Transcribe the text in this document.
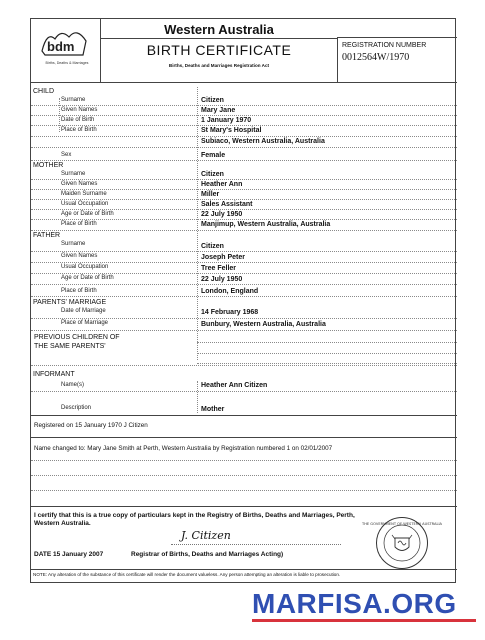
bdm
Births, Deaths & Marriages
Western Australia
BIRTH CERTIFICATE
Births, Deaths and Marriages Registration Act
REGISTRATION NUMBER
0012564W/1970
CHILD
Surname	Citizen
Given Names	Mary Jane
Date of Birth	1 January 1970
Place of Birth	St Mary's Hospital
Subiaco, Western Australia, Australia
Sex	Female
MOTHER
Surname	Citizen
Given Names	Heather Ann
Maiden Surname	Miller
Usual Occupation	Sales Assistant
Age or Date of Birth	22 July 1950
Place of Birth	Manjimup, Western Australia, Australia
FATHER
Surname	Citizen
Given Names	Joseph Peter
Usual Occupation	Tree Feller
Age or Date of Birth	22 July 1950
Place of Birth	London, England
PARENTS' MARRIAGE
Date of Marriage	14 February 1968
Place of Marriage	Bunbury, Western Australia, Australia
PREVIOUS CHILDREN OF
THE SAME PARENTS'
INFORMANT
Name(s)	Heather Ann Citizen
Description	Mother
Registered on 15 January 1970 J Citizen
Name changed to: Mary Jane Smith at Perth, Western Australia by Registration numbered 1 on 02/01/2007
I certify that this is a true copy of particulars kept in the Registry of Births, Deaths and Marriages, Perth, Western Australia.
J. Citizen
DATE 15 January 2007	Registrar of Births, Deaths and Marriages Acting)
THE GOVERNMENT OF WESTERN AUSTRALIA
NOTE: Any alteration of the substance of this certificate will render the document valueless. Any person attempting an alteration is liable to prosecution.
MARFISA.ORG
